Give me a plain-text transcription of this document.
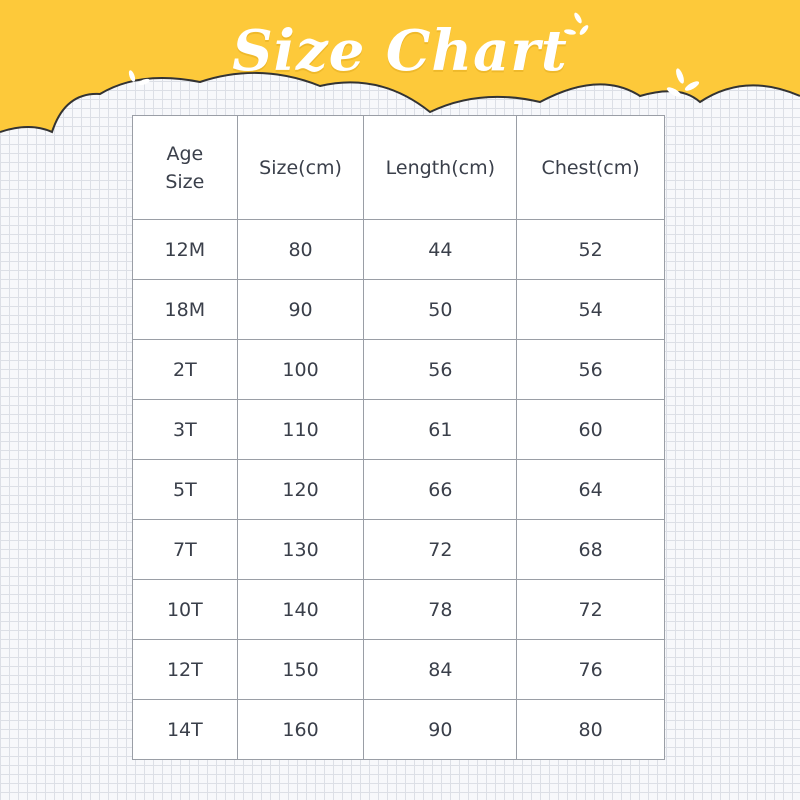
Size Chart
Age
Size	Size(cm)	Length(cm)	Chest(cm)
12M	80	44	52
18M	90	50	54
2T	100	56	56
3T	110	61	60
5T	120	66	64
7T	130	72	68
10T	140	78	72
12T	150	84	76
14T	160	90	80
